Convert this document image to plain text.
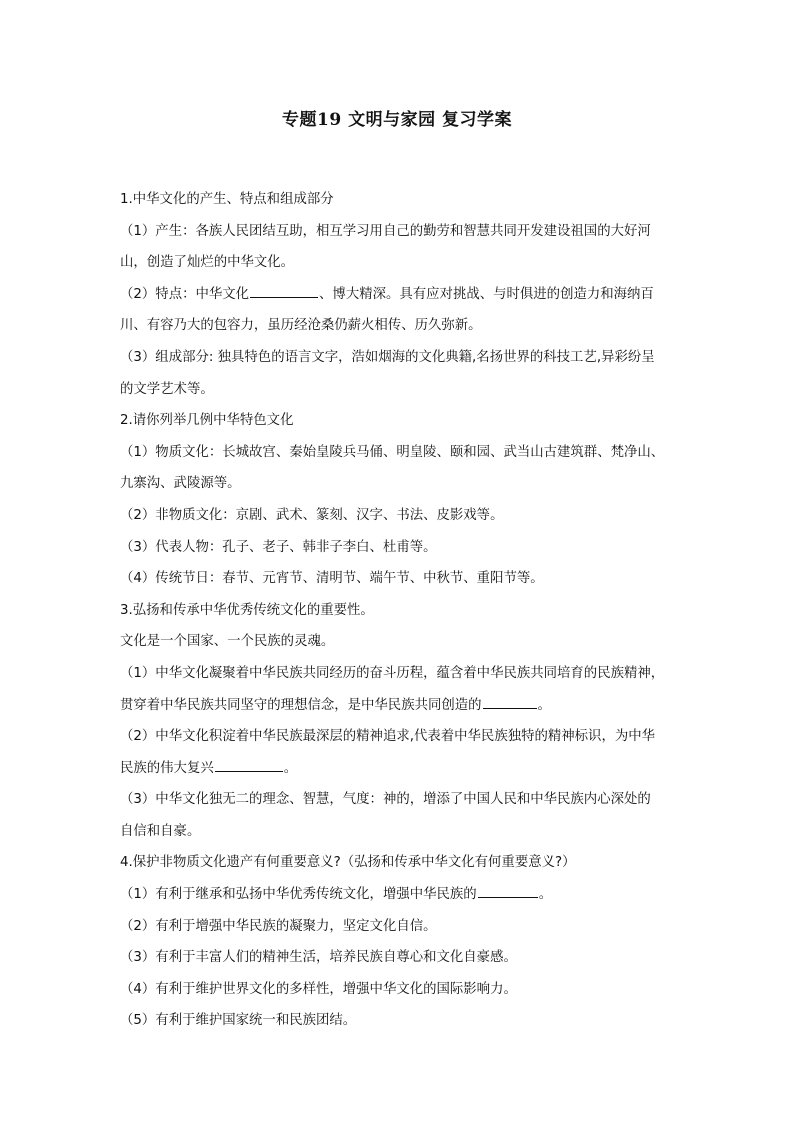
专题19 文明与家园 复习学案
1.中华文化的产生、特点和组成部分
（1）产生：各族人民团结互助，相互学习用自己的勤劳和智慧共同开发建设祖国的大好河
山，创造了灿烂的中华文化。
（2）特点：中华文化	、博大精深。具有应对挑战、与时俱进的创造力和海纳百
川、有容乃大的包容力，虽历经沧桑仍薪火相传、历久弥新。
（3）组成部分: 独具特色的语言文字，浩如烟海的文化典籍,名扬世界的科技工艺,异彩纷呈
的文学艺术等。
2.请你列举几例中华特色文化
（1）物质文化：长城故宫、秦始皇陵兵马俑、明皇陵、颐和园、武当山古建筑群、梵净山、
九寨沟、武陵源等。
（2）非物质文化：京剧、武术、篆刻、汉字、书法、皮影戏等。
（3）代表人物：孔子、老子、韩非子李白、杜甫等。
（4）传统节日：春节、元宵节、清明节、端午节、中秋节、重阳节等。
3.弘扬和传承中华优秀传统文化的重要性。
文化是一个国家、一个民族的灵魂。
（1）中华文化凝聚着中华民族共同经历的奋斗历程，蕴含着中华民族共同培育的民族精神，
贯穿着中华民族共同坚守的理想信念，是中华民族共同创造的	。
（2）中华文化积淀着中华民族最深层的精神追求,代表着中华民族独特的精神标识，为中华
民族的伟大复兴	。
（3）中华文化独无二的理念、智慧，气度：神的，增添了中国人民和中华民族内心深处的
自信和自豪。
4.保护非物质文化遗产有何重要意义?（弘扬和传承中华文化有何重要意义?）
（1）有利于继承和弘扬中华优秀传统文化，增强中华民族的	。
（2）有利于增强中华民族的凝聚力，坚定文化自信。
（3）有利于丰富人们的精神生活，培养民族自尊心和文化自豪感。
（4）有利于维护世界文化的多样性，增强中华文化的国际影响力。
（5）有利于维护国家统一和民族团结。
